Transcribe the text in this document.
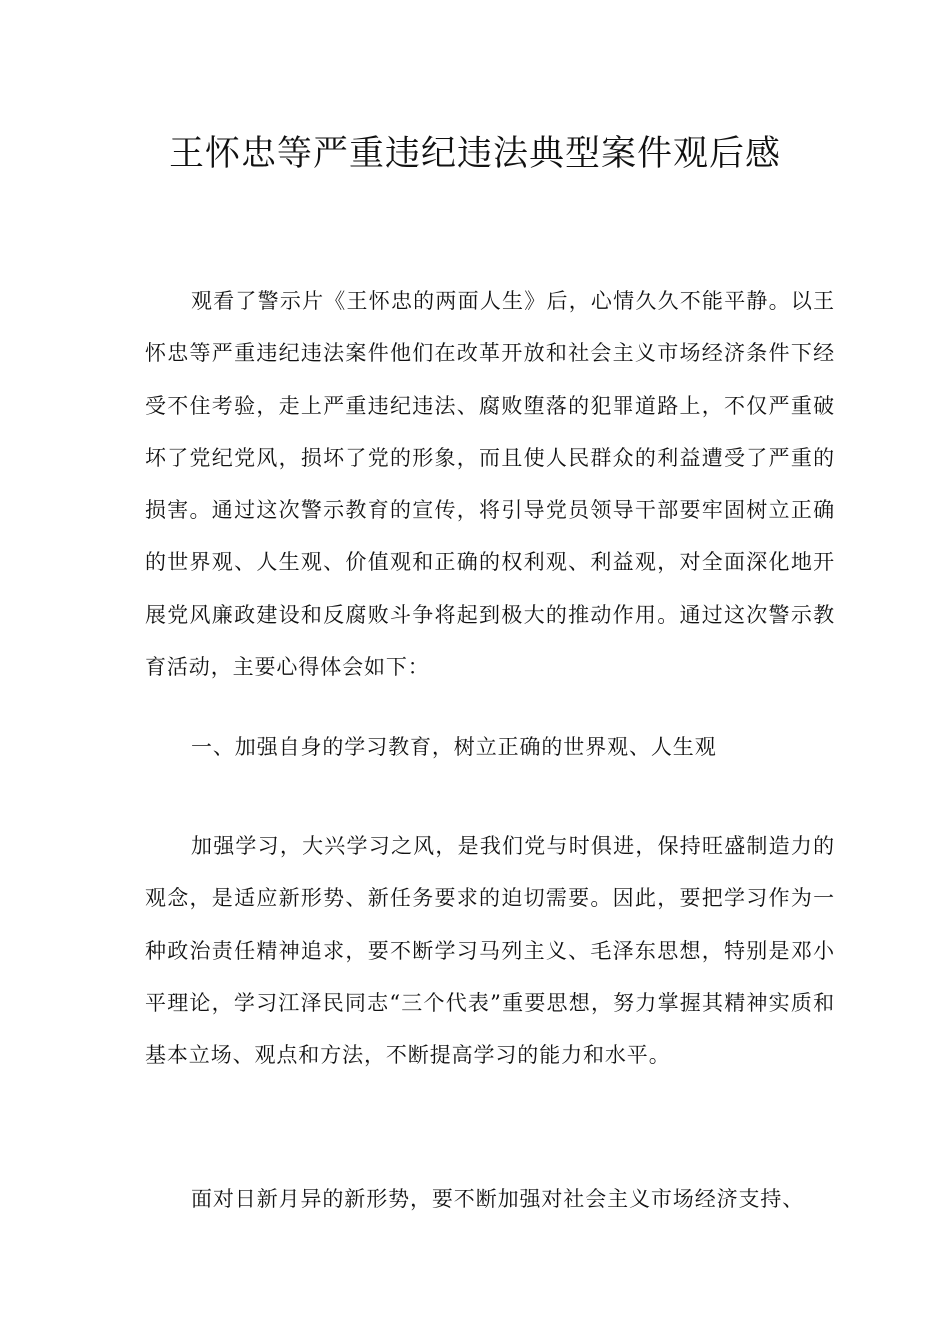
王怀忠等严重违纪违法典型案件观后感

观看了警示片《王怀忠的两面人生》后，心情久久不能平静。以王怀忠等严重违纪违法案件他们在改革开放和社会主义市场经济条件下经受不住考验，走上严重违纪违法、腐败堕落的犯罪道路上，不仅严重破坏了党纪党风，损坏了党的形象，而且使人民群众的利益遭受了严重的损害。通过这次警示教育的宣传，将引导党员领导干部要牢固树立正确的世界观、人生观、价值观和正确的权利观、利益观，对全面深化地开展党风廉政建设和反腐败斗争将起到极大的推动作用。通过这次警示教育活动，主要心得体会如下：

一、加强自身的学习教育，树立正确的世界观、人生观

加强学习，大兴学习之风，是我们党与时俱进，保持旺盛制造力的观念，是适应新形势、新任务要求的迫切需要。因此，要把学习作为一种政治责任精神追求，要不断学习马列主义、毛泽东思想，特别是邓小平理论，学习江泽民同志“三个代表”重要思想，努力掌握其精神实质和基本立场、观点和方法，不断提高学习的能力和水平。

面对日新月异的新形势，要不断加强对社会主义市场经济支持、
